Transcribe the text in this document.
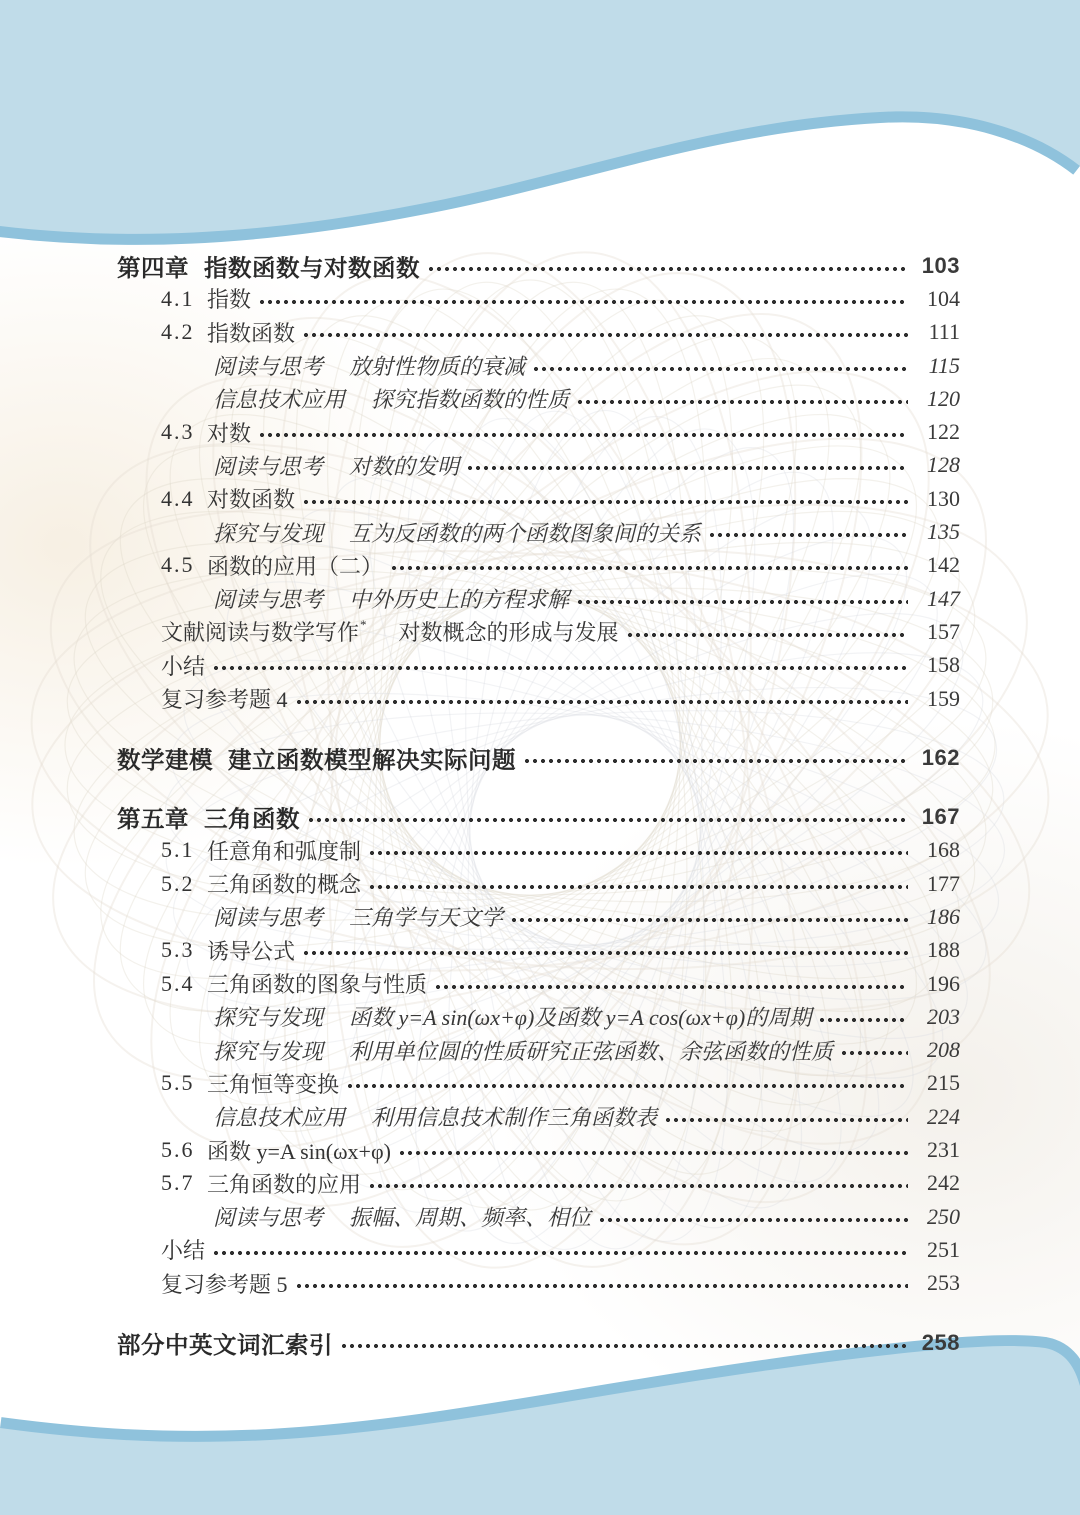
第四章 指数函数与对数函数	103
4.1 指数	104
4.2 指数函数	111
阅读与思考 放射性物质的衰减	115
信息技术应用 探究指数函数的性质	120
4.3 对数	122
阅读与思考 对数的发明	128
4.4 对数函数	130
探究与发现 互为反函数的两个函数图象间的关系	135
4.5 函数的应用（二）	142
阅读与思考 中外历史上的方程求解	147
文献阅读与数学写作 * 对数概念的形成与发展	157
小结	158
复习参考题 4	159
数学建模 建立函数模型解决实际问题	162
第五章 三角函数	167
5.1 任意角和弧度制	168
5.2 三角函数的概念	177
阅读与思考 三角学与天文学	186
5.3 诱导公式	188
5.4 三角函数的图象与性质	196
探究与发现 函数 y=A sin(ωx+φ)及函数 y=A cos(ωx+φ)的周期	203
探究与发现 利用单位圆的性质研究正弦函数、余弦函数的性质	208
5.5 三角恒等变换	215
信息技术应用 利用信息技术制作三角函数表	224
5.6 函数 y=A sin(ωx+φ)	231
5.7 三角函数的应用	242
阅读与思考 振幅、周期、频率、相位	250
小结	251
复习参考题 5	253
部分中英文词汇索引	258
